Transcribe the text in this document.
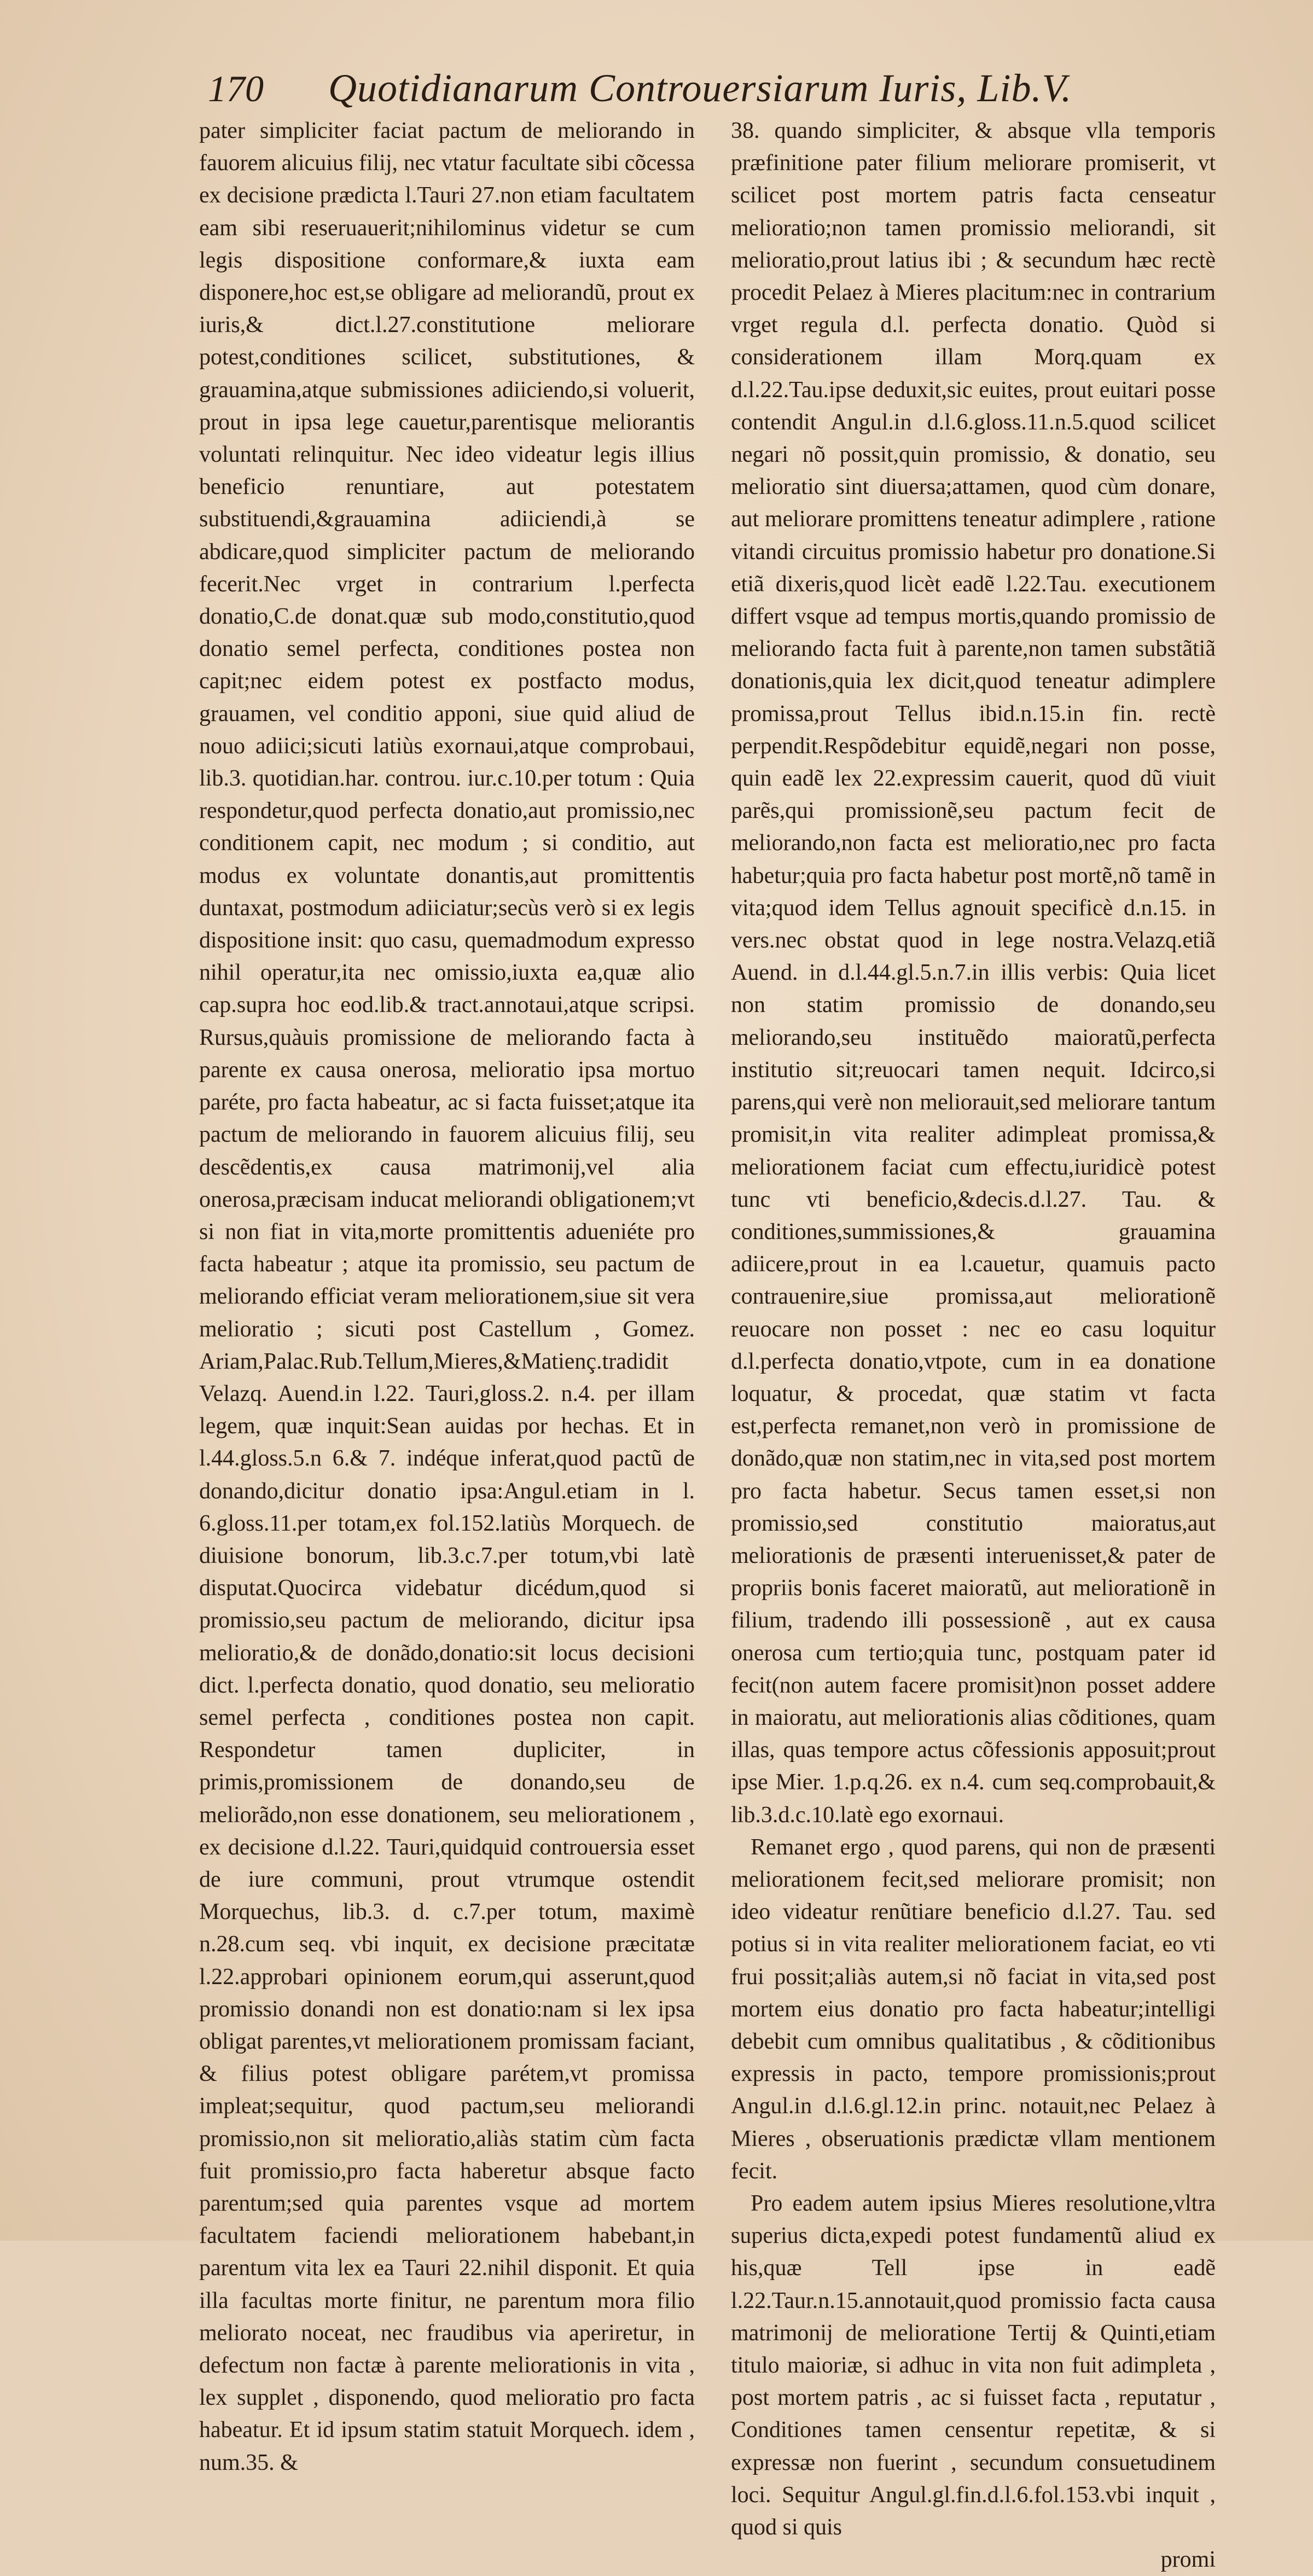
170	Quotidianarum Controuersiarum Iuris, Lib.V.

pater simpliciter faciat pactum de meliorando in fauorem alicuius filij, nec vtatur facultate sibi cõcessa ex decisione prædicta l.Tauri 27.non etiam facultatem eam sibi reseruauerit;nihilominus videtur se cum legis dispositione conformare,& iuxta eam disponere,hoc est,se obligare ad meliorandũ, prout ex iuris,& dict.l.27.constitutione meliorare potest,conditiones scilicet, substitutiones, & grauamina,atque submissiones adiiciendo,si voluerit, prout in ipsa lege cauetur,parentisque meliorantis voluntati relinquitur. Nec ideo videatur legis illius beneficio renuntiare, aut potestatem substituendi,&grauamina adiiciendi,à se abdicare,quod simpliciter pactum de meliorando fecerit.Nec vrget in contrarium l.perfecta donatio,C.de donat.quæ sub modo,constitutio,quod donatio semel perfecta, conditiones postea non capit;nec eidem potest ex postfacto modus, grauamen, vel conditio apponi, siue quid aliud de nouo adiici;sicuti latiùs exornaui,atque comprobaui, lib.3. quotidian.har. controu. iur.c.10.per totum : Quia respondetur,quod perfecta donatio,aut promissio,nec conditionem capit, nec modum ; si conditio, aut modus ex voluntate donantis,aut promittentis duntaxat, postmodum adiiciatur;secùs verò si ex legis dispositione insit: quo casu, quemadmodum expresso nihil operatur,ita nec omissio,iuxta ea,quæ alio cap.supra hoc eod.lib.& tract.annotaui,atque scripsi. Rursus,quàuis promissione de meliorando facta à parente ex causa onerosa, melioratio ipsa mortuo paréte, pro facta habeatur, ac si facta fuisset;atque ita pactum de meliorando in fauorem alicuius filij, seu descẽdentis,ex causa matrimonij,vel alia onerosa,præcisam inducat meliorandi obligationem;vt si non fiat in vita,morte promittentis adueniéte pro facta habeatur ; atque ita promissio, seu pactum de meliorando efficiat veram meliorationem,siue sit vera melioratio ; sicuti post Castellum , Gomez. Ariam,Palac.Rub.Tellum,Mieres,&Matienç.tradidit Velazq. Auend.in l.22. Tauri,gloss.2. n.4. per illam legem, quæ inquit:Sean auidas por hechas. Et in l.44.gloss.5.n 6.& 7. indéque inferat,quod pactũ de donando,dicitur donatio ipsa:Angul.etiam in l. 6.gloss.11.per totam,ex fol.152.latiùs Morquech. de diuisione bonorum, lib.3.c.7.per totum,vbi latè disputat.Quocirca videbatur dicédum,quod si promissio,seu pactum de meliorando, dicitur ipsa melioratio,& de donãdo,donatio:sit locus decisioni dict. l.perfecta donatio, quod donatio, seu melioratio semel perfecta , conditiones postea non capit. Respondetur tamen dupliciter, in primis,promissionem de donando,seu de meliorãdo,non esse donationem, seu meliorationem , ex decisione d.l.22. Tauri,quidquid controuersia esset de iure communi, prout vtrumque ostendit Morquechus, lib.3. d. c.7.per totum, maximè n.28.cum seq. vbi inquit, ex decisione præcitatæ l.22.approbari opinionem eorum,qui asserunt,quod promissio donandi non est donatio:nam si lex ipsa obligat parentes,vt meliorationem promissam faciant, & filius potest obligare parétem,vt promissa impleat;sequitur, quod pactum,seu meliorandi promissio,non sit melioratio,aliàs statim cùm facta fuit promissio,pro facta haberetur absque facto parentum;sed quia parentes vsque ad mortem facultatem faciendi meliorationem habebant,in parentum vita lex ea Tauri 22.nihil disponit. Et quia illa facultas morte finitur, ne parentum mora filio meliorato noceat, nec fraudibus via aperiretur, in defectum non factæ à parente meliorationis in vita , lex supplet , disponendo, quod melioratio pro facta habeatur. Et id ipsum statim statuit Morquech. idem , num.35. &

38. quando simpliciter, & absque vlla temporis præfinitione pater filium meliorare promiserit, vt scilicet post mortem patris facta censeatur melioratio;non tamen promissio meliorandi, sit melioratio,prout latius ibi ; & secundum hæc rectè procedit Pelaez à Mieres placitum:nec in contrarium vrget regula d.l. perfecta donatio. Quòd si considerationem illam Morq.quam ex d.l.22.Tau.ipse deduxit,sic euites, prout euitari posse contendit Angul.in d.l.6.gloss.11.n.5.quod scilicet negari nõ possit,quin promissio, & donatio, seu melioratio sint diuersa;attamen, quod cùm donare, aut meliorare promittens teneatur adimplere , ratione vitandi circuitus promissio habetur pro donatione.Si etiã dixeris,quod licèt eadẽ l.22.Tau. executionem differt vsque ad tempus mortis,quando promissio de meliorando facta fuit à parente,non tamen substãtiã donationis,quia lex dicit,quod teneatur adimplere promissa,prout Tellus ibid.n.15.in fin. rectè perpendit.Respõdebitur equidẽ,negari non posse, quin eadẽ lex 22.expressim cauerit, quod dũ viuit parẽs,qui promissionẽ,seu pactum fecit de meliorando,non facta est melioratio,nec pro facta habetur;quia pro facta habetur post mortẽ,nõ tamẽ in vita;quod idem Tellus agnouit specificè d.n.15. in vers.nec obstat quod in lege nostra.Velazq.etiã Auend. in d.l.44.gl.5.n.7.in illis verbis: Quia licet non statim promissio de donando,seu meliorando,seu instituẽdo maioratũ,perfecta institutio sit;reuocari tamen nequit. Idcirco,si parens,qui verè non meliorauit,sed meliorare tantum promisit,in vita realiter adimpleat promissa,& meliorationem faciat cum effectu,iuridicè potest tunc vti beneficio,&decis.d.l.27. Tau. & conditiones,summissiones,& grauamina adiicere,prout in ea l.cauetur, quamuis pacto contrauenire,siue promissa,aut meliorationẽ reuocare non posset : nec eo casu loquitur d.l.perfecta donatio,vtpote, cum in ea donatione loquatur, & procedat, quæ statim vt facta est,perfecta remanet,non verò in promissione de donãdo,quæ non statim,nec in vita,sed post mortem pro facta habetur. Secus tamen esset,si non promissio,sed constitutio maioratus,aut meliorationis de præsenti interuenisset,& pater de propriis bonis faceret maioratũ, aut meliorationẽ in filium, tradendo illi possessionẽ , aut ex causa onerosa cum tertio;quia tunc, postquam pater id fecit(non autem facere promisit)non posset addere in maioratu, aut meliorationis alias cõditiones, quam illas, quas tempore actus cõfessionis apposuit;prout ipse Mier. 1.p.q.26. ex n.4. cum seq.comprobauit,& lib.3.d.c.10.latè ego exornaui.

Remanet ergo , quod parens, qui non de præsenti meliorationem fecit,sed meliorare promisit; non ideo videatur renũtiare beneficio d.l.27. Tau. sed potius si in vita realiter meliorationem faciat, eo vti frui possit;aliàs autem,si nõ faciat in vita,sed post mortem eius donatio pro facta habeatur;intelligi debebit cum omnibus qualitatibus , & cõditionibus expressis in pacto, tempore promissionis;prout Angul.in d.l.6.gl.12.in princ. notauit,nec Pelaez à Mieres , obseruationis prædictæ vllam mentionem fecit.

Pro eadem autem ipsius Mieres resolutione,vltra superius dicta,expedi potest fundamentũ aliud ex his,quæ Tell ipse in eadẽ l.22.Taur.n.15.annotauit,quod promissio facta causa matrimonij de melioratione Tertij & Quinti,etiam titulo maioriæ, si adhuc in vita non fuit adimpleta , post mortem patris , ac si fuisset facta , reputatur , Conditiones tamen censentur repetitæ, & si expressæ non fuerint , secundum consuetudinem loci. Sequitur Angul.gl.fin.d.l.6.fol.153.vbi inquit , quod si quis

promi
